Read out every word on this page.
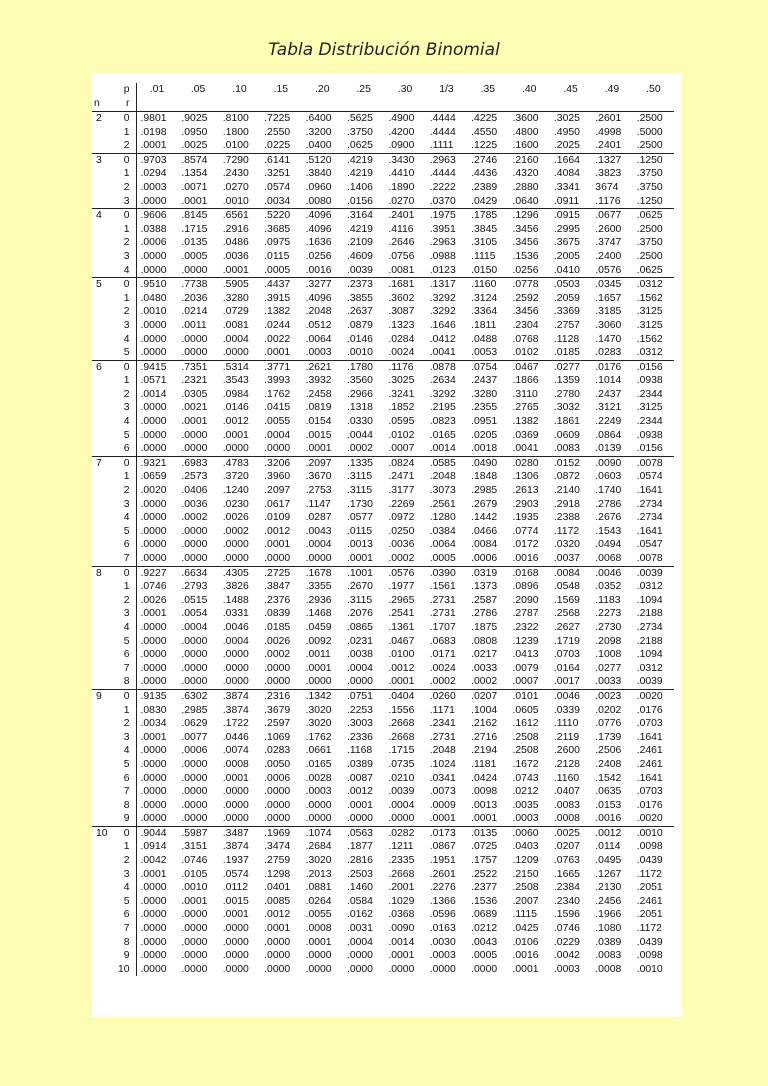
Tabla Distribución Binomial
	p	.01	.05	.10	.15	.20	.25	.30	1/3	.35	.40	.45	.49	.50
n	r													
2	0	.9801	.9025	.8100	.7225	.6400	.5625	.4900	.4444	.4225	.3600	.3025	.2601	.2500
	1	.0198	.0950	.1800	.2550	.3200	.3750	.4200	.4444	.4550	.4800	.4950	.4998	.5000
	2	.0001	.0025	.0100	.0225	.0400	.0625	.0900	.1111	.1225	.1600	.2025	.2401	.2500
3	0	.9703	.8574	.7290	.6141	.5120	.4219	.3430	.2963	.2746	.2160	.1664	.1327	.1250
	1	.0294	.1354	.2430	.3251	.3840	.4219	.4410	.4444	.4436	.4320	.4084	.3823	.3750
	2	.0003	.0071	.0270	.0574	.0960	.1406	.1890	.2222	.2389	.2880	.3341	3674	.3750
	3	.0000	.0001	.0010	.0034	.0080	.0156	.0270	.0370	.0429	.0640	.0911	.1176	.1250
4	0	.9606	.8145	.6561	.5220	.4096	.3164	.2401	.1975	.1785	.1296	.0915	.0677	.0625
	1	.0388	.1715	.2916	.3685	.4096	.4219	.4116	.3951	.3845	.3456	.2995	.2600	.2500
	2	.0006	.0135	.0486	.0975	.1636	.2109	.2646	.2963	.3105	.3456	.3675	.3747	.3750
	3	.0000	.0005	.0036	.0115	.0256	.4609	.0756	.0988	.1115	.1536	.2005	.2400	.2500
	4	.0000	.0000	.0001	.0005	.0016	.0039	.0081	.0123	.0150	.0256	.0410	.0576	.0625
5	0	.9510	.7738	.5905	.4437	.3277	.2373	.1681	.1317	.1160	.0778	.0503	.0345	.0312
	1	.0480	.2036	.3280	.3915	.4096	.3855	.3602	.3292	.3124	.2592	.2059	.1657	.1562
	2	.0010	.0214	.0729	.1382	.2048	.2637	.3087	.3292	.3364	.3456	.3369	.3185	.3125
	3	.0000	.0011	.0081	.0244	.0512	.0879	.1323	.1646	.1811	.2304	.2757	.3060	.3125
	4	.0000	.0000	.0004	.0022	.0064	.0146	.0284	.0412	.0488	.0768	.1128	.1470	.1562
	5	.0000	.0000	.0000	.0001	.0003	.0010	.0024	.0041	.0053	.0102	.0185	.0283	.0312
6	0	.9415	.7351	.5314	.3771	.2621	.1780	.1176	.0878	.0754	.0467	.0277	.0176	.0156
	1	.0571	.2321	.3543	.3993	.3932	.3560	.3025	.2634	.2437	.1866	.1359	.1014	.0938
	2	.0014	.0305	.0984	.1762	.2458	.2966	.3241	.3292	.3280	.3110	.2780	.2437	.2344
	3	.0000	.0021	.0146	.0415	.0819	.1318	.1852	.2195	.2355	.2765	.3032	.3121	.3125
	4	.0000	.0001	.0012	.0055	.0154	.0330	.0595	.0823	.0951	.1382	.1861	.2249	.2344
	5	.0000	.0000	.0001	.0004	.0015	.0044	.0102	.0165	.0205	.0369	.0609	.0864	.0938
	6	.0000	.0000	.0000	.0000	.0001	.0002	.0007	.0014	.0018	.0041	.0083	.0139	.0156
7	0	.9321	.6983	.4783	.3206	.2097	.1335	.0824	.0585	.0490	.0280	.0152	.0090	.0078
	1	.0659	.2573	.3720	.3960	.3670	.3115	.2471	.2048	.1848	.1306	.0872	.0603	.0574
	2	.0020	.0406	.1240	.2097	.2753	.3115	.3177	.3073	.2985	.2613	.2140	.1740	.1641
	3	.0000	.0036	.0230	.0617	.1147	.1730	.2269	.2561	.2679	.2903	.2918	.2786	.2734
	4	.0000	.0002	.0026	.0109	.0287	.0577	.0972	.1280	.1442	.1935	.2388	.2676	.2734
	5	.0000	.0000	.0002	.0012	.0043	.0115	.0250	.0384	.0466	.0774	.1172	.1543	.1641
	6	.0000	.0000	.0000	.0001	.0004	.0013	.0036	.0064	.0084	.0172	.0320	.0494	.0547
	7	.0000	.0000	.0000	.0000	.0000	.0001	.0002	.0005	.0006	.0016	.0037	.0068	.0078
8	0	.9227	.6634	.4305	.2725	.1678	.1001	.0576	.0390	.0319	.0168	.0084	.0046	.0039
	1	.0746	.2793	.3826	.3847	.3355	.2670	.1977	.1561	.1373	.0896	.0548	.0352	.0312
	2	.0026	.0515	.1488	.2376	.2936	.3115	.2965	.2731	.2587	.2090	.1569	.1183	.1094
	3	.0001	.0054	.0331	.0839	.1468	.2076	.2541	.2731	.2786	.2787	.2568	.2273	.2188
	4	.0000	.0004	.0046	.0185	.0459	.0865	.1361	.1707	.1875	.2322	.2627	.2730	.2734
	5	.0000	.0000	.0004	.0026	.0092	.0231	.0467	.0683	.0808	.1239	.1719	.2098	.2188
	6	.0000	.0000	.0000	.0002	.0011	.0038	.0100	.0171	.0217	.0413	.0703	.1008	.1094
	7	.0000	.0000	.0000	.0000	.0001	.0004	.0012	.0024	.0033	.0079	.0164	.0277	.0312
	8	.0000	.0000	.0000	.0000	.0000	.0000	.0001	.0002	.0002	.0007	.0017	.0033	.0039
9	0	.9135	.6302	.3874	.2316	.1342	.0751	.0404	.0260	.0207	.0101	.0046	.0023	.0020
	1	.0830	.2985	.3874	.3679	.3020	.2253	.1556	.1171	.1004	.0605	.0339	.0202	.0176
	2	.0034	.0629	.1722	.2597	.3020	.3003	.2668	.2341	.2162	.1612	.1110	.0776	.0703
	3	.0001	.0077	.0446	.1069	.1762	.2336	.2668	.2731	.2716	.2508	.2119	.1739	.1641
	4	.0000	.0006	.0074	.0283	.0661	.1168	.1715	.2048	.2194	.2508	.2600	.2506	.2461
	5	.0000	.0000	.0008	.0050	.0165	.0389	.0735	.1024	.1181	.1672	.2128	.2408	.2461
	6	.0000	.0000	.0001	.0006	.0028	.0087	.0210	.0341	.0424	.0743	.1160	.1542	.1641
	7	.0000	.0000	.0000	.0000	.0003	.0012	.0039	.0073	.0098	.0212	.0407	.0635	.0703
	8	.0000	.0000	.0000	.0000	.0000	.0001	.0004	.0009	.0013	.0035	.0083	.0153	.0176
	9	.0000	.0000	.0000	.0000	.0000	.0000	.0000	.0001	.0001	.0003	.0008	.0016	.0020
10	0	.9044	.5987	.3487	.1969	.1074	.0563	.0282	.0173	.0135	.0060	.0025	.0012	.0010
	1	.0914	.3151	.3874	.3474	.2684	.1877	.1211	.0867	.0725	.0403	.0207	.0114	.0098
	2	.0042	.0746	.1937	.2759	.3020	.2816	.2335	.1951	.1757	.1209	.0763	.0495	.0439
	3	.0001	.0105	.0574	.1298	.2013	.2503	.2668	.2601	.2522	.2150	.1665	.1267	.1172
	4	.0000	.0010	.0112	.0401	.0881	.1460	.2001	.2276	.2377	.2508	.2384	.2130	.2051
	5	.0000	.0001	.0015	.0085	.0264	.0584	.1029	.1366	.1536	.2007	.2340	.2456	.2461
	6	.0000	.0000	.0001	.0012	.0055	.0162	.0368	.0596	.0689	.1115	.1596	.1966	.2051
	7	.0000	.0000	.0000	.0001	.0008	.0031	.0090	.0163	.0212	.0425	.0746	.1080	.1172
	8	.0000	.0000	.0000	.0000	.0001	.0004	.0014	.0030	.0043	.0106	.0229	.0389	.0439
	9	.0000	.0000	.0000	.0000	.0000	.0000	.0001	.0003	.0005	.0016	.0042	.0083	.0098
	10	.0000	.0000	.0000	.0000	.0000	.0000	.0000	.0000	.0000	.0001	.0003	.0008	.0010
